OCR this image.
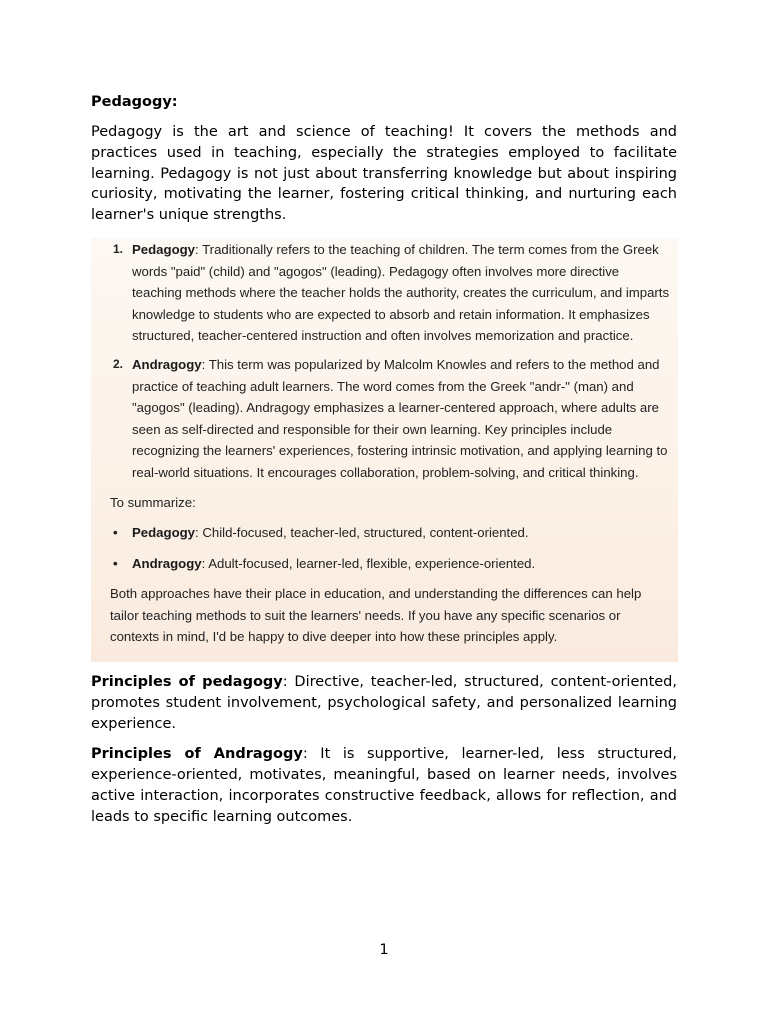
Pedagogy:

Pedagogy is the art and science of teaching! It covers the methods and practices used in teaching, especially the strategies employed to facilitate learning. Pedagogy is not just about transferring knowledge but about inspiring curiosity, motivating the learner, fostering critical thinking, and nurturing each learner's unique strengths.

1. Pedagogy: Traditionally refers to the teaching of children. The term comes from the Greek words "paid" (child) and "agogos" (leading). Pedagogy often involves more directive teaching methods where the teacher holds the authority, creates the curriculum, and imparts knowledge to students who are expected to absorb and retain information. It emphasizes structured, teacher-centered instruction and often involves memorization and practice.
2. Andragogy: This term was popularized by Malcolm Knowles and refers to the method and practice of teaching adult learners. The word comes from the Greek "andr-" (man) and "agogos" (leading). Andragogy emphasizes a learner-centered approach, where adults are seen as self-directed and responsible for their own learning. Key principles include recognizing the learners' experiences, fostering intrinsic motivation, and applying learning to real-world situations. It encourages collaboration, problem-solving, and critical thinking.

To summarize:

• Pedagogy: Child-focused, teacher-led, structured, content-oriented.
• Andragogy: Adult-focused, learner-led, flexible, experience-oriented.

Both approaches have their place in education, and understanding the differences can help tailor teaching methods to suit the learners' needs. If you have any specific scenarios or contexts in mind, I'd be happy to dive deeper into how these principles apply.

Principles of pedagogy: Directive, teacher-led, structured, content-oriented, promotes student involvement, psychological safety, and personalized learning experience.

Principles of Andragogy: It is supportive, learner-led, less structured, experience-oriented, motivates, meaningful, based on learner needs, involves active interaction, incorporates constructive feedback, allows for reflection, and leads to specific learning outcomes.

1
